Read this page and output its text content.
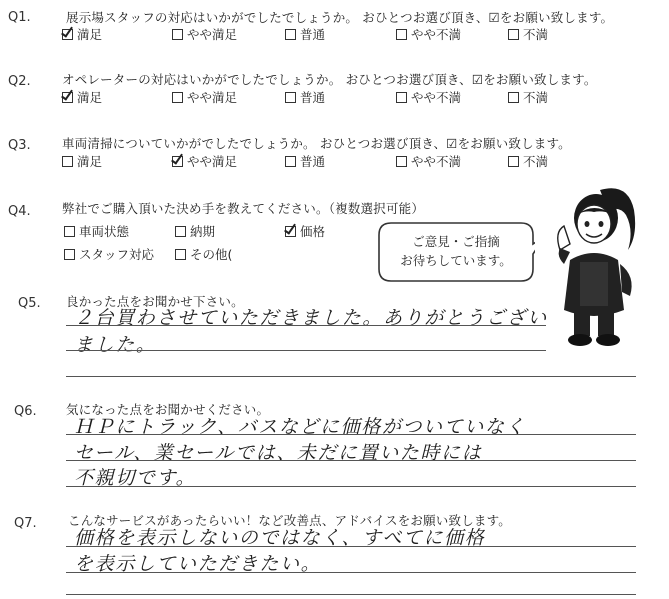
Q1.	展示場スタッフの対応はいかがでしたでしょうか。 おひとつお選び頂き、☑をお願い致します。
満足	やや満足	普通	やや不満	不満
Q2.	オペレーターの対応はいかがでしたでしょうか。 おひとつお選び頂き、☑をお願い致します。
満足	やや満足	普通	やや不満	不満
Q3.	車両清掃についていかがでしたでしょうか。 おひとつお選び頂き、☑をお願い致します。
満足	やや満足	普通	やや不満	不満
Q4.	弊社でご購入頂いた決め手を教えてください。（複数選択可能）
車両状態	納期	価格
スタッフ対応	その他(
ご意見・ご指摘
お待ちしています。
Q5. 良かった点をお聞かせ下さい。
２台買わさせていただきました。ありがとうござい
ました。
Q6. 気になった点をお聞かせください。
ＨＰにトラック、バスなどに価格がついていなく
セール、業セールでは、未だに置いた時には
不親切です。
Q7.	こんなサービスがあったらいい！など改善点、アドバイスをお願い致します。
価格を表示しないのではなく、すべてに価格
を表示していただきたい。
